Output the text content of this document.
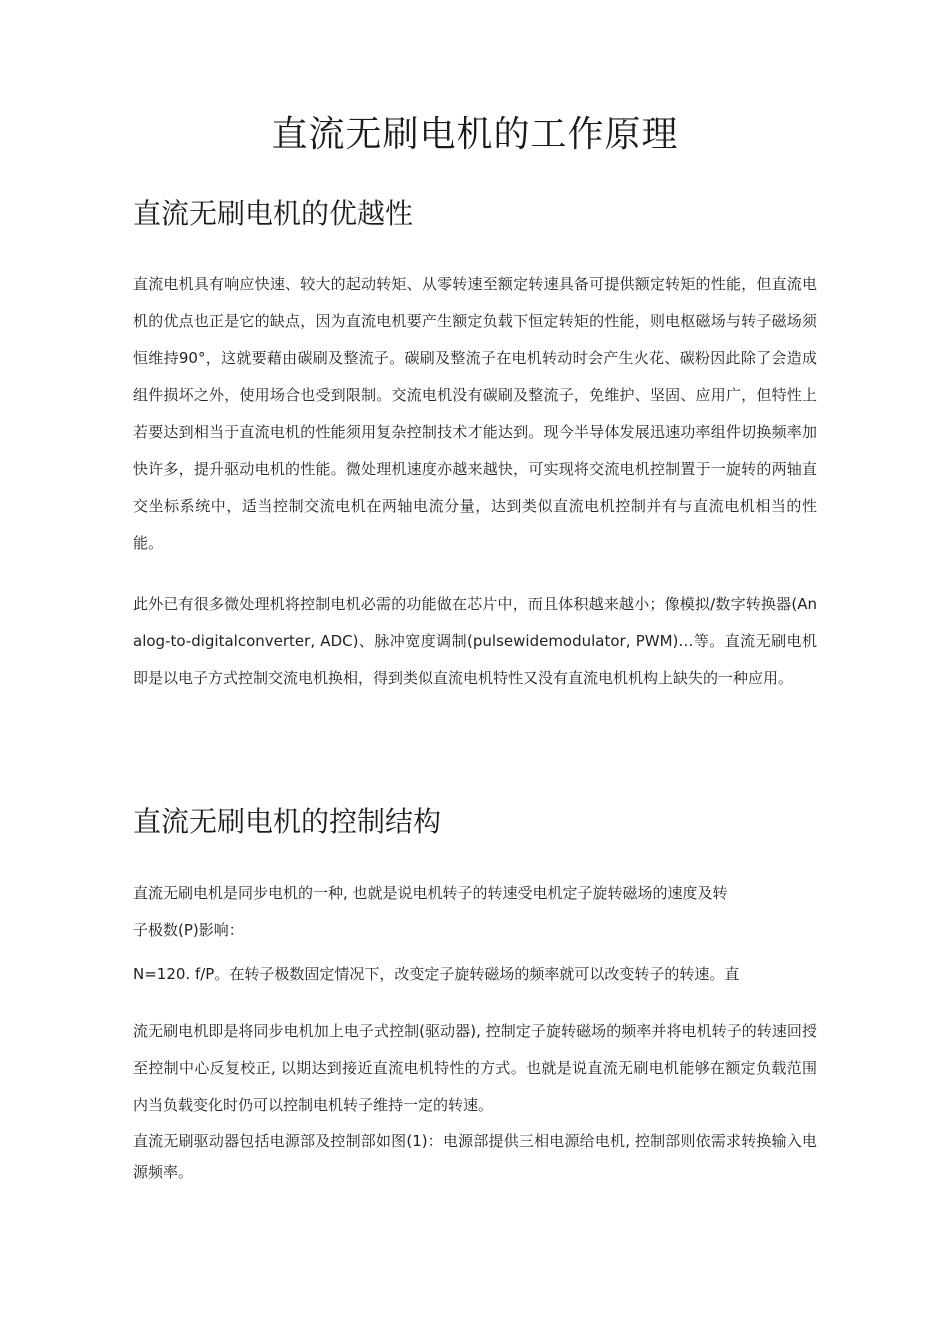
直流无刷电机的工作原理
直流无刷电机的优越性

直流电机具有响应快速、较大的起动转矩、从零转速至额定转速具备可提供额定转矩的性能，但直流电机的优点也正是它的缺点，因为直流电机要产生额定负载下恒定转矩的性能，则电枢磁场与转子磁场须恒维持90°，这就要藉由碳刷及整流子。碳刷及整流子在电机转动时会产生火花、碳粉因此除了会造成组件损坏之外，使用场合也受到限制。交流电机没有碳刷及整流子，免维护、坚固、应用广，但特性上若要达到相当于直流电机的性能须用复杂控制技术才能达到。现今半导体发展迅速功率组件切换频率加快许多，提升驱动电机的性能。微处理机速度亦越来越快，可实现将交流电机控制置于一旋转的两轴直交坐标系统中，适当控制交流电机在两轴电流分量，达到类似直流电机控制并有与直流电机相当的性能。

此外已有很多微处理机将控制电机必需的功能做在芯片中，而且体积越来越小；像模拟/数字转换器(Analog-to-digitalconverter, ADC)、脉冲宽度调制(pulsewidemodulator, PWM)…等。直流无刷电机即是以电子方式控制交流电机换相，得到类似直流电机特性又没有直流电机机构上缺失的一种应用。

直流无刷电机的控制结构

直流无刷电机是同步电机的一种, 也就是说电机转子的转速受电机定子旋转磁场的速度及转

子极数(P)影响：

N=120. f/P。在转子极数固定情况下，改变定子旋转磁场的频率就可以改变转子的转速。直

流无刷电机即是将同步电机加上电子式控制(驱动器), 控制定子旋转磁场的频率并将电机转子的转速回授至控制中心反复校正, 以期达到接近直流电机特性的方式。也就是说直流无刷电机能够在额定负载范围内当负载变化时仍可以控制电机转子维持一定的转速。

直流无刷驱动器包括电源部及控制部如图(1)：电源部提供三相电源给电机, 控制部则依需求转换输入电源频率。
